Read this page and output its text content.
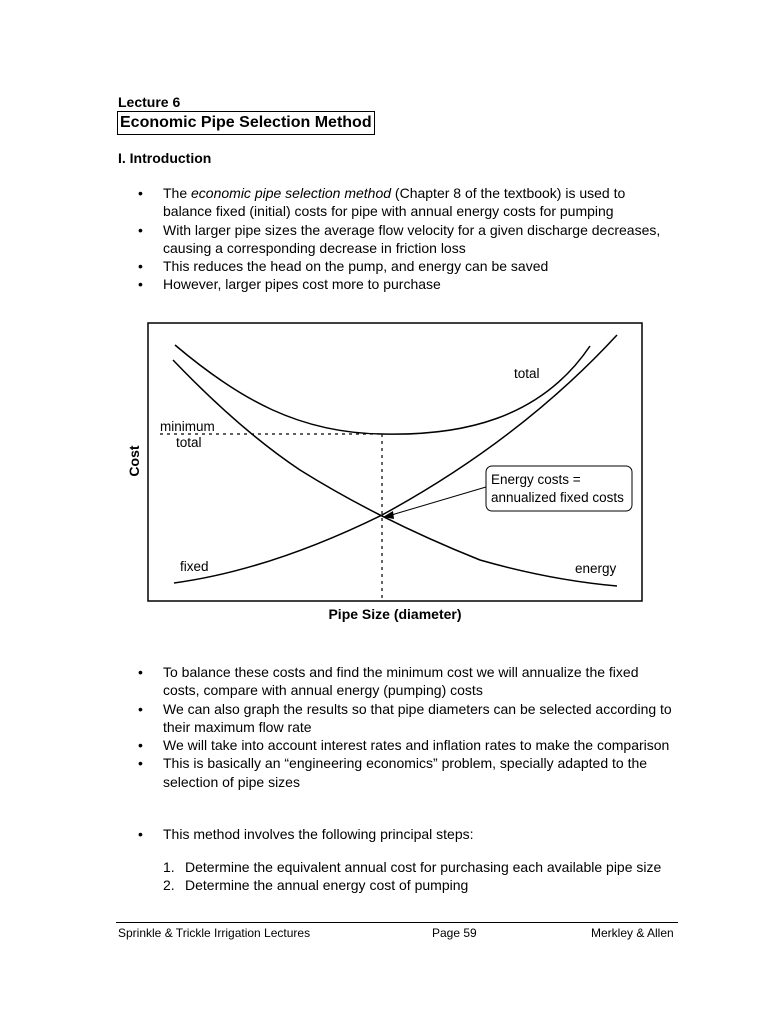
Lecture 6
Economic Pipe Selection Method
I. Introduction
• The economic pipe selection method (Chapter 8 of the textbook) is used to balance fixed (initial) costs for pipe with annual energy costs for pumping
• With larger pipe sizes the average flow velocity for a given discharge decreases, causing a corresponding decrease in friction loss
• This reduces the head on the pump, and energy can be saved
• However, larger pipes cost more to purchase
Energy costs =
annualized fixed costs
total
minimum
total
fixed	energy
Cost
Pipe Size (diameter)
• To balance these costs and find the minimum cost we will annualize the fixed costs, compare with annual energy (pumping) costs
• We can also graph the results so that pipe diameters can be selected according to their maximum flow rate
• We will take into account interest rates and inflation rates to make the comparison
• This is basically an “engineering economics” problem, specially adapted to the selection of pipe sizes
• This method involves the following principal steps:
1. Determine the equivalent annual cost for purchasing each available pipe size
2. Determine the annual energy cost of pumping
Sprinkle & Trickle Irrigation Lectures	Page 59	Merkley & Allen
